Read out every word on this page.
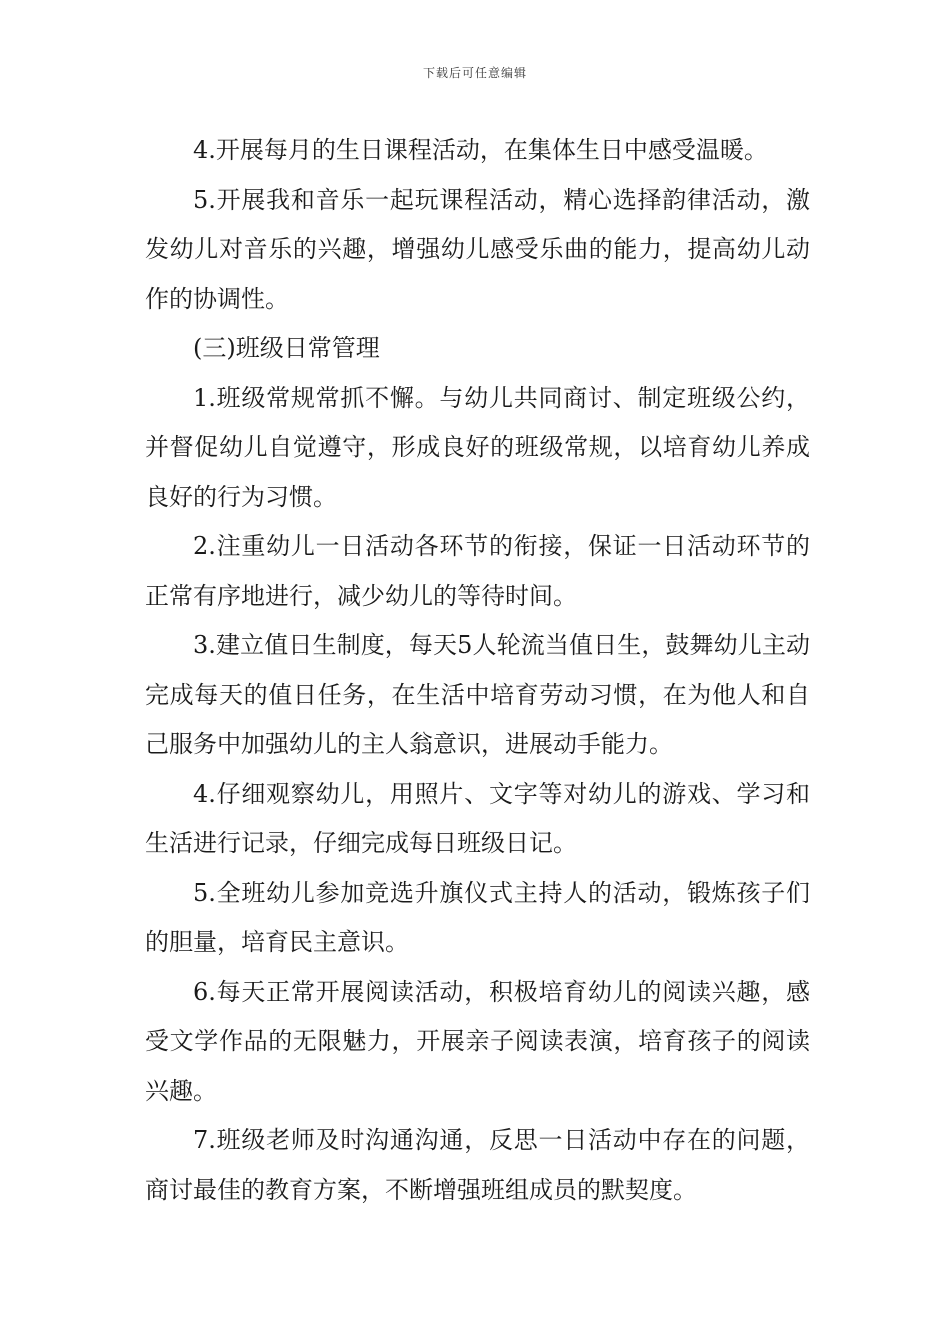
下载后可任意编辑

4.开展每月的生日课程活动，在集体生日中感受温暖。

5.开展我和音乐一起玩课程活动，精心选择韵律活动，激发幼儿对音乐的兴趣，增强幼儿感受乐曲的能力，提高幼儿动作的协调性。

(三)班级日常管理

1.班级常规常抓不懈。与幼儿共同商讨、制定班级公约，并督促幼儿自觉遵守，形成良好的班级常规，以培育幼儿养成良好的行为习惯。

2.注重幼儿一日活动各环节的衔接，保证一日活动环节的正常有序地进行，减少幼儿的等待时间。

3.建立值日生制度，每天5人轮流当值日生，鼓舞幼儿主动完成每天的值日任务，在生活中培育劳动习惯，在为他人和自己服务中加强幼儿的主人翁意识，进展动手能力。

4.仔细观察幼儿，用照片、文字等对幼儿的游戏、学习和生活进行记录，仔细完成每日班级日记。

5.全班幼儿参加竞选升旗仪式主持人的活动，锻炼孩子们的胆量，培育民主意识。

6.每天正常开展阅读活动，积极培育幼儿的阅读兴趣，感受文学作品的无限魅力，开展亲子阅读表演，培育孩子的阅读兴趣。

7.班级老师及时沟通沟通，反思一日活动中存在的问题，商讨最佳的教育方案，不断增强班组成员的默契度。
